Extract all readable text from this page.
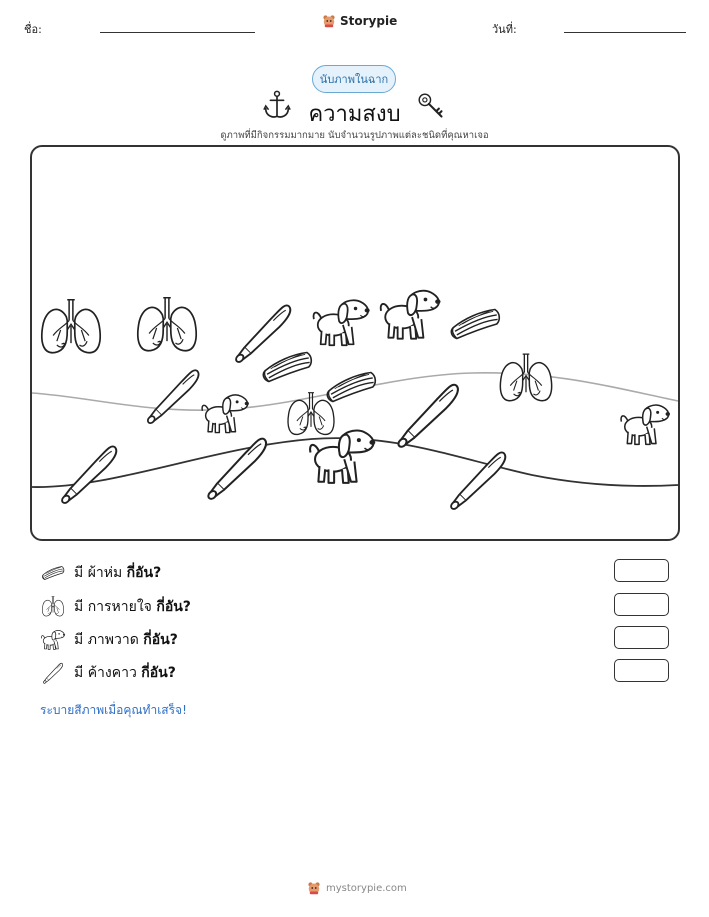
ชื่อ:
Storypie
วันที่:
นับภาพในฉาก
ความสงบ
ดูภาพที่มีกิจกรรมมากมาย นับจำนวนรูปภาพแต่ละชนิดที่คุณหาเจอ
มี ผ้าห่ม กี่อัน?
มี การหายใจ กี่อัน?
มี ภาพวาด กี่อัน?
มี ค้างคาว กี่อัน?
ระบายสีภาพเมื่อคุณทำเสร็จ!
mystorypie.com
